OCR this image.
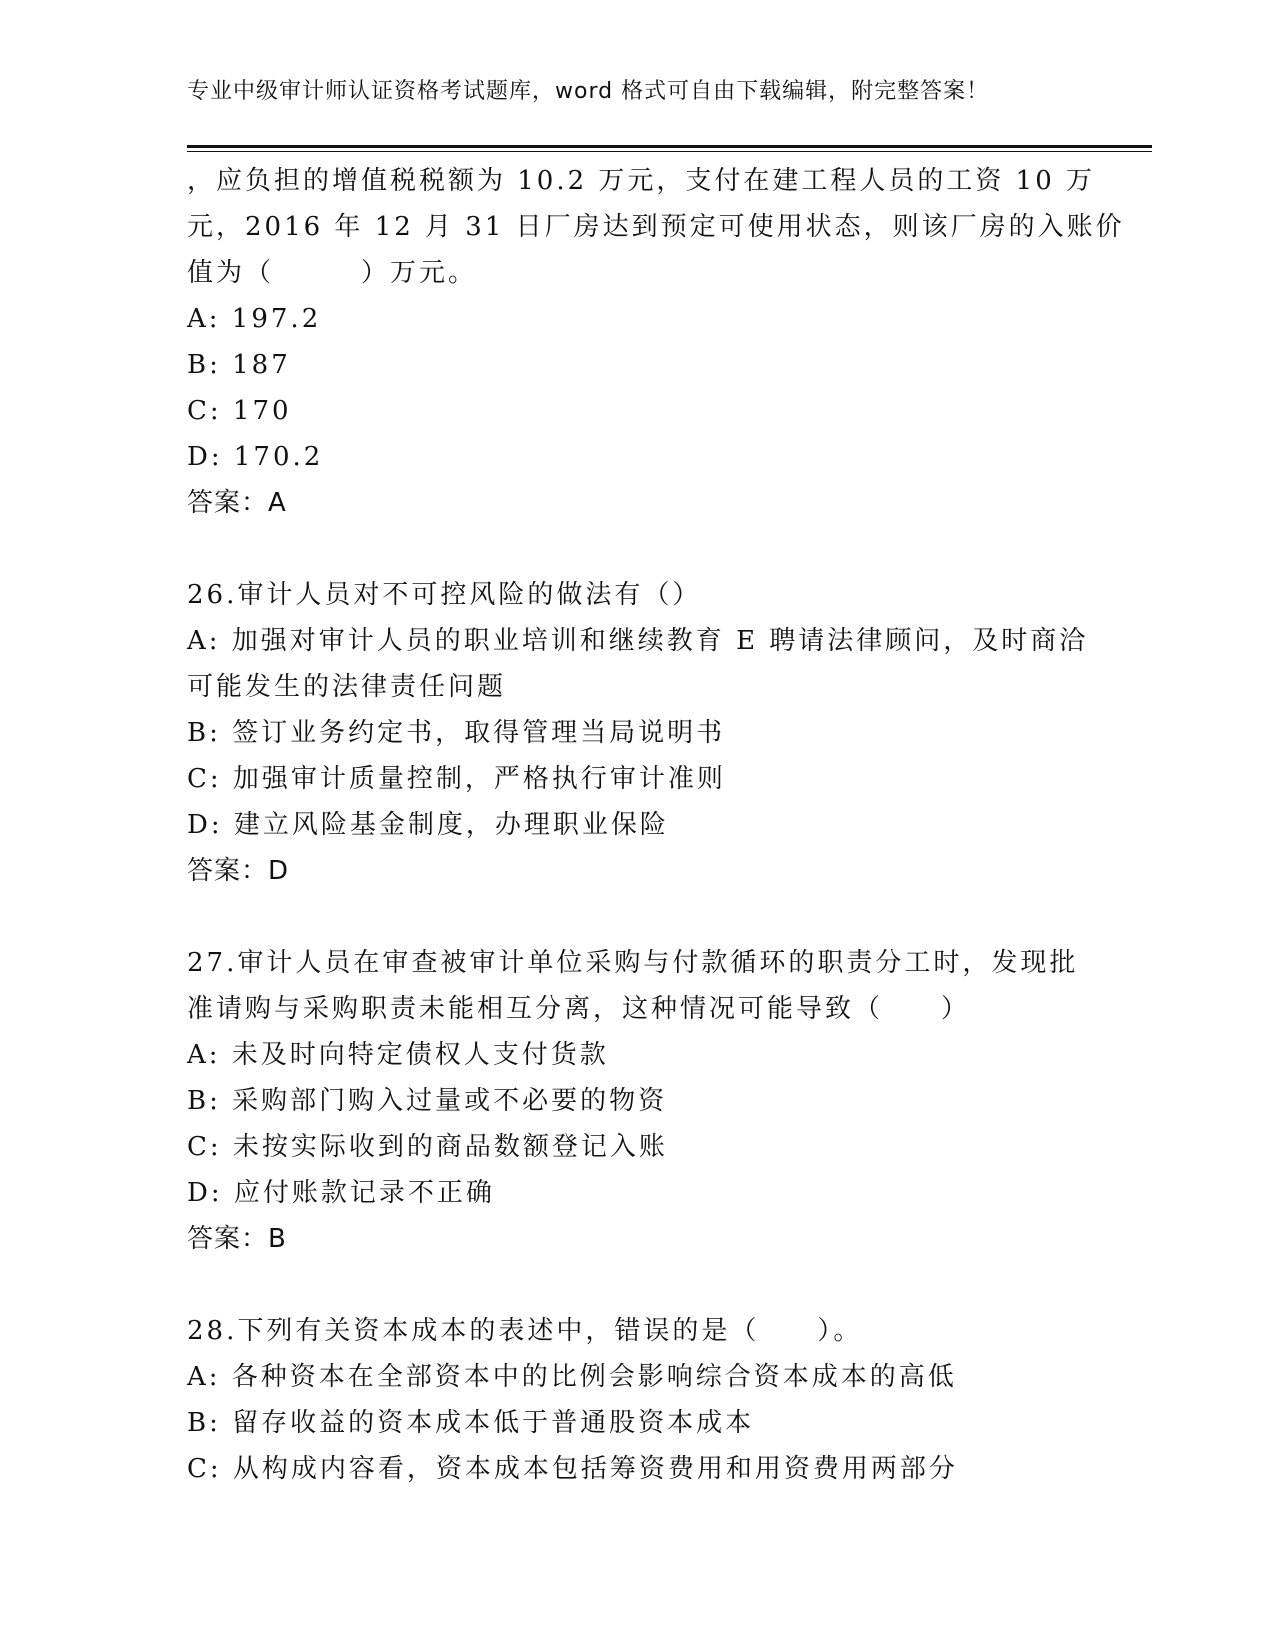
专业中级审计师认证资格考试题库，word 格式可自由下载编辑，附完整答案！
，应负担的增值税税额为 10.2 万元，支付在建工程人员的工资 10 万
元，2016 年 12 月 31 日厂房达到预定可使用状态，则该厂房的入账价
值为（　　　）万元。
A: 197.2
B: 187
C: 170
D: 170.2
答案：A
26.审计人员对不可控风险的做法有（）
A: 加强对审计人员的职业培训和继续教育 E 聘请法律顾问，及时商洽
可能发生的法律责任问题
B: 签订业务约定书，取得管理当局说明书
C: 加强审计质量控制，严格执行审计准则
D: 建立风险基金制度，办理职业保险
答案：D
27.审计人员在审查被审计单位采购与付款循环的职责分工时，发现批
准请购与采购职责未能相互分离，这种情况可能导致（　　）
A: 未及时向特定债权人支付货款
B: 采购部门购入过量或不必要的物资
C: 未按实际收到的商品数额登记入账
D: 应付账款记录不正确
答案：B
28.下列有关资本成本的表述中，错误的是（　　）。
A: 各种资本在全部资本中的比例会影响综合资本成本的高低
B: 留存收益的资本成本低于普通股资本成本
C: 从构成内容看，资本成本包括筹资费用和用资费用两部分
